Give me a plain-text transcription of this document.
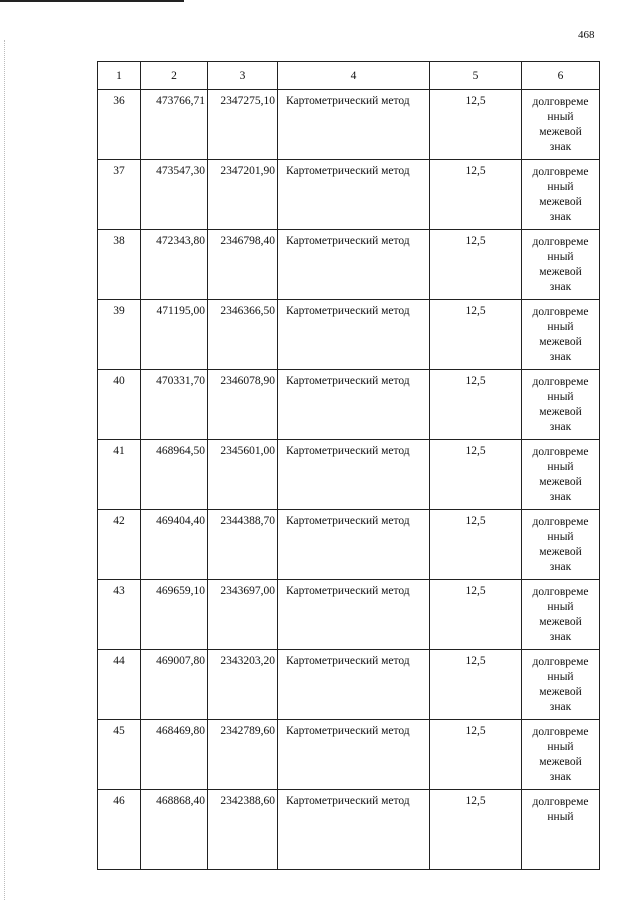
468
1	2	3	4	5	6
36	473766,71	2347275,10	Картометрический метод	12,5	долговреме
нный
межевой
знак

37	473547,30	2347201,90	Картометрический метод	12,5	долговреме
нный
межевой
знак

38	472343,80	2346798,40	Картометрический метод	12,5	долговреме
нный
межевой
знак

39	471195,00	2346366,50	Картометрический метод	12,5	долговреме
нный
межевой
знак

40	470331,70	2346078,90	Картометрический метод	12,5	долговреме
нный
межевой
знак

41	468964,50	2345601,00	Картометрический метод	12,5	долговреме
нный
межевой
знак

42	469404,40	2344388,70	Картометрический метод	12,5	долговреме
нный
межевой
знак

43	469659,10	2343697,00	Картометрический метод	12,5	долговреме
нный
межевой
знак

44	469007,80	2343203,20	Картометрический метод	12,5	долговреме
нный
межевой
знак

45	468469,80	2342789,60	Картометрический метод	12,5	долговреме
нный
межевой
знак

46	468868,40	2342388,60	Картометрический метод	12,5	долговреме
нный
